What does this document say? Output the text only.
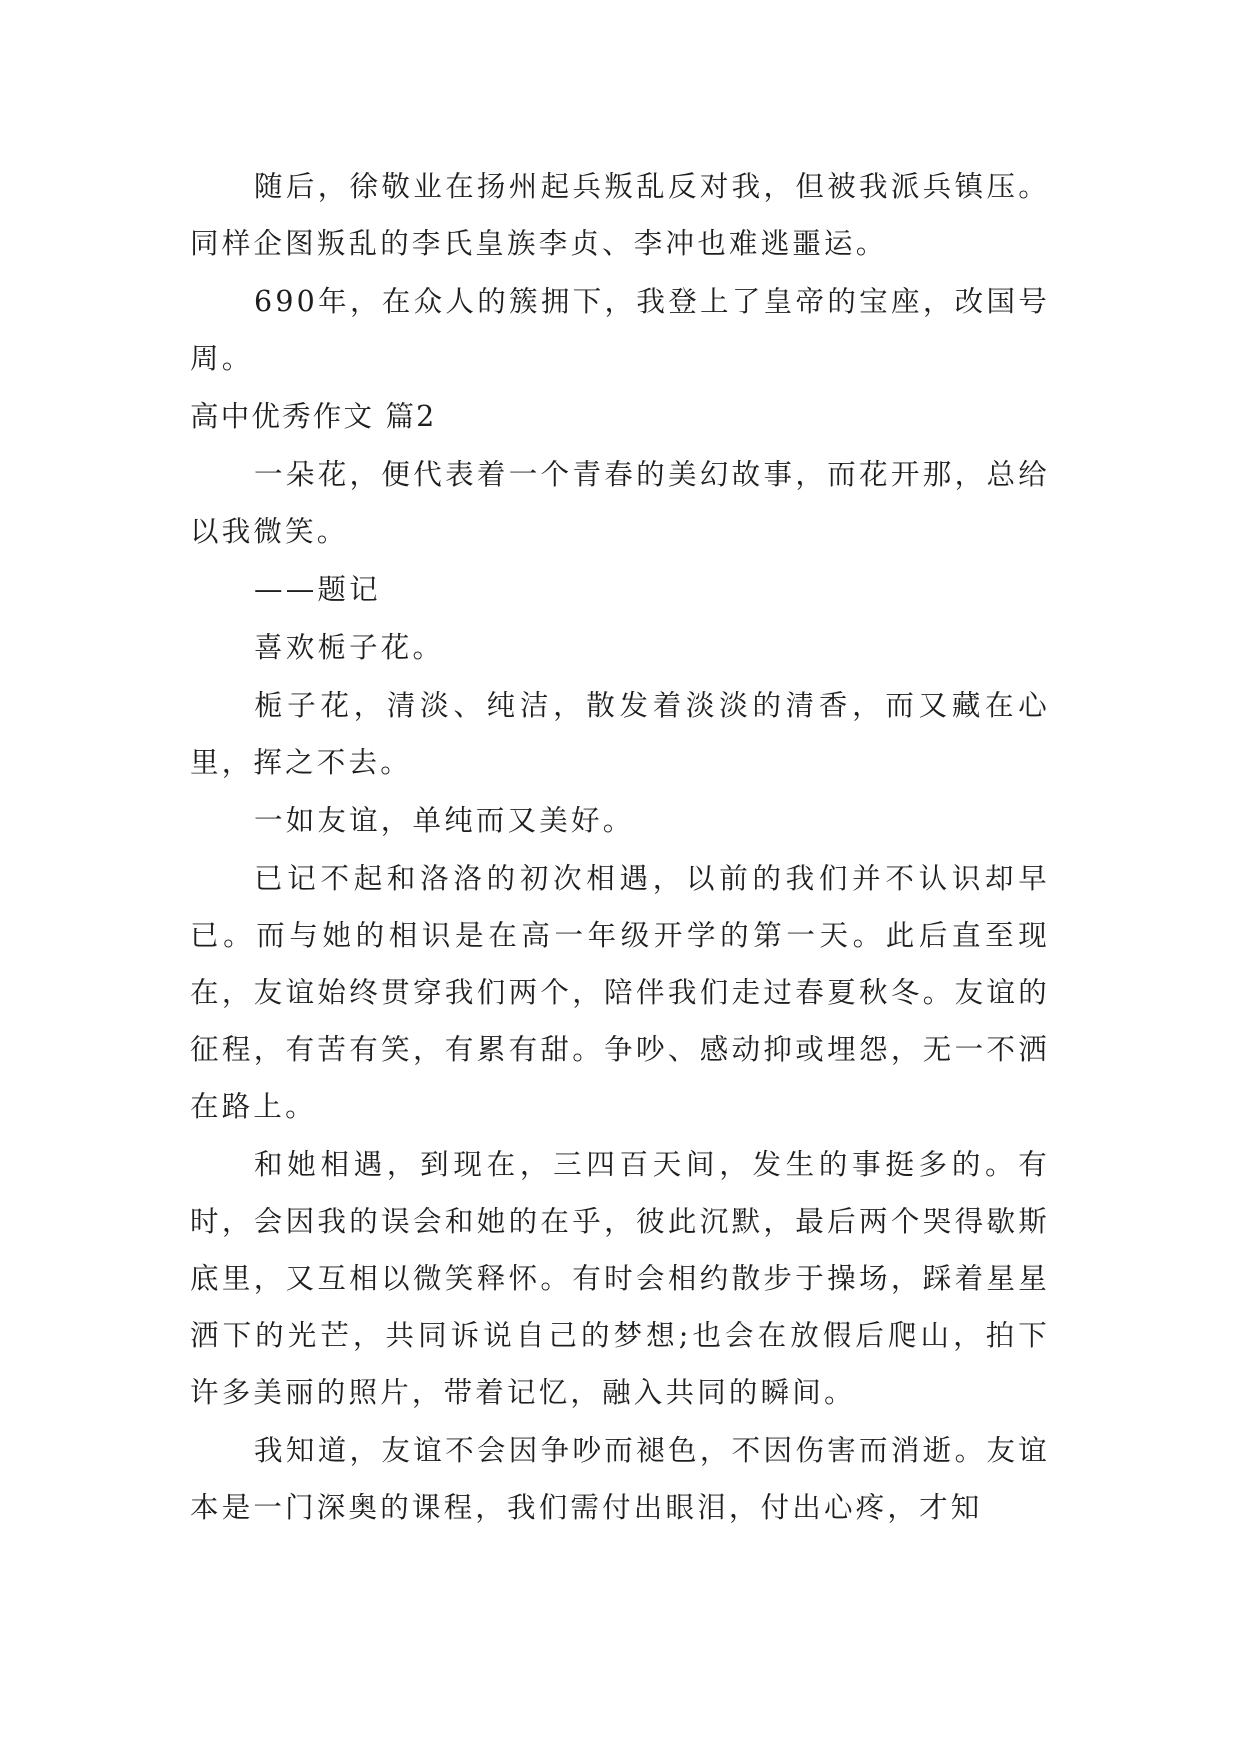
随后，徐敬业在扬州起兵叛乱反对我，但被我派兵镇压。同样企图叛乱的李氏皇族李贞、李冲也难逃噩运。

690年，在众人的簇拥下，我登上了皇帝的宝座，改国号周。

高中优秀作文 篇2

一朵花，便代表着一个青春的美幻故事，而花开那，总给以我微笑。

——题记

喜欢栀子花。

栀子花，清淡、纯洁，散发着淡淡的清香，而又藏在心里，挥之不去。

一如友谊，单纯而又美好。

已记不起和洛洛的初次相遇，以前的我们并不认识却早已。而与她的相识是在高一年级开学的第一天。此后直至现在，友谊始终贯穿我们两个，陪伴我们走过春夏秋冬。友谊的征程，有苦有笑，有累有甜。争吵、感动抑或埋怨，无一不洒在路上。

和她相遇，到现在，三四百天间，发生的事挺多的。有时，会因我的误会和她的在乎，彼此沉默，最后两个哭得歇斯底里，又互相以微笑释怀。有时会相约散步于操场，踩着星星洒下的光芒，共同诉说自己的梦想;也会在放假后爬山，拍下许多美丽的照片，带着记忆，融入共同的瞬间。

我知道，友谊不会因争吵而褪色，不因伤害而消逝。友谊本是一门深奥的课程，我们需付出眼泪，付出心疼，才知
